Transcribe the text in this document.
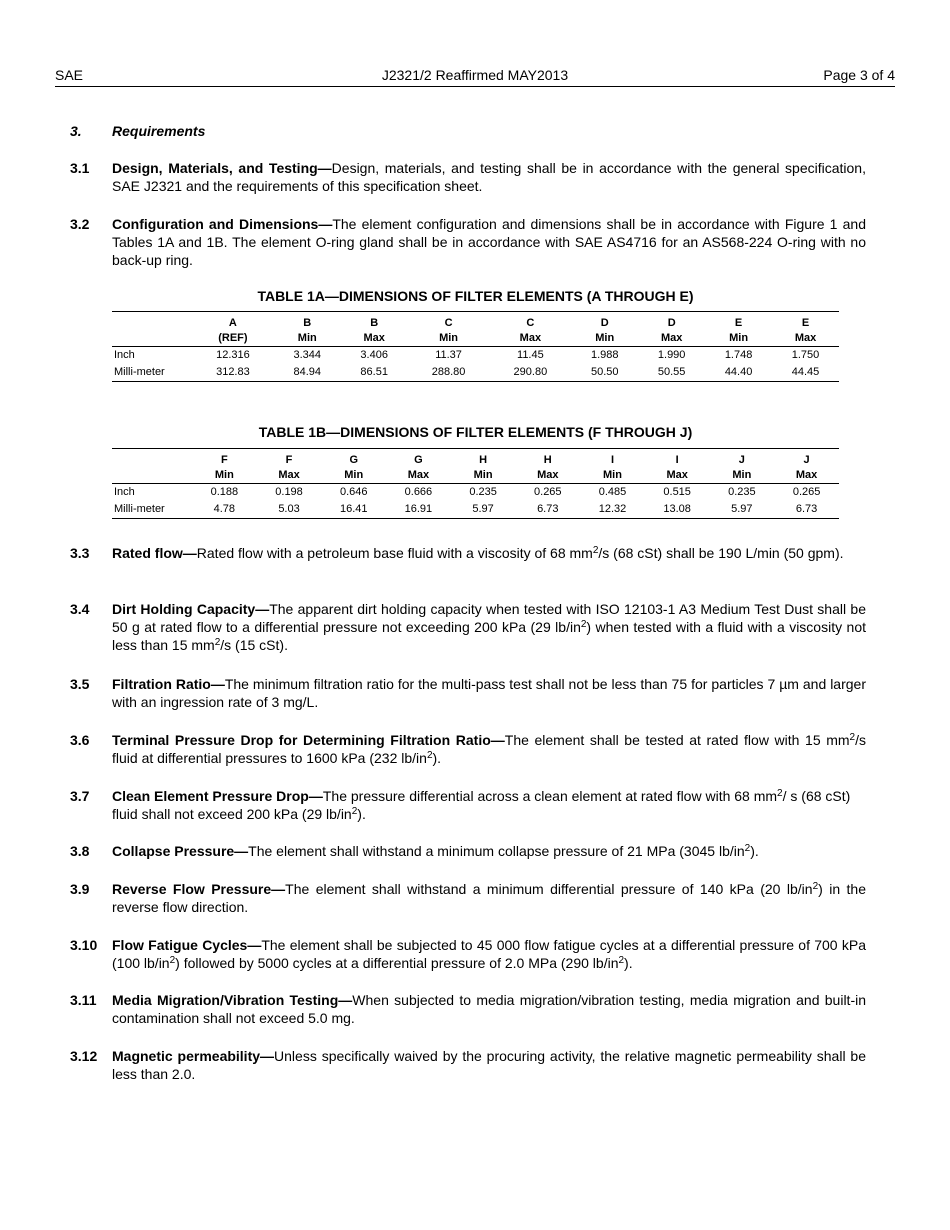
SAE	J2321/2 Reaffirmed MAY2013	Page 3 of 4
3. Requirements
3.1 Design, Materials, and Testing—Design, materials, and testing shall be in accordance with the general specification, SAE J2321 and the requirements of this specification sheet.
3.2 Configuration and Dimensions—The element configuration and dimensions shall be in accordance with Figure 1 and Tables 1A and 1B. The element O-ring gland shall be in accordance with SAE AS4716 for an AS568-224 O-ring with no back-up ring.
TABLE 1A—DIMENSIONS OF FILTER ELEMENTS (A THROUGH E)
	A	B	B	C	C	D	D	E	E
	(REF)	Min	Max	Min	Max	Min	Max	Min	Max
Inch	12.316	3.344	3.406	11.37	11.45	1.988	1.990	1.748	1.750
Milli-meter	312.83	84.94	86.51	288.80	290.80	50.50	50.55	44.40	44.45
TABLE 1B—DIMENSIONS OF FILTER ELEMENTS (F THROUGH J)
	F	F	G	G	H	H	I	I	J	J
	Min	Max	Min	Max	Min	Max	Min	Max	Min	Max
Inch	0.188	0.198	0.646	0.666	0.235	0.265	0.485	0.515	0.235	0.265
Milli-meter	4.78	5.03	16.41	16.91	5.97	6.73	12.32	13.08	5.97	6.73
3.3 Rated flow—Rated flow with a petroleum base fluid with a viscosity of 68 $mm^2/s$ (68 cSt) shall be 190 L/min (50 gpm).
3.4 Dirt Holding Capacity—The apparent dirt holding capacity when tested with ISO 12103-1 A3 Medium Test Dust shall be 50 g at rated flow to a differential pressure not exceeding 200 kPa (29 $lb/in^2$) when tested with a fluid with a viscosity not less than 15 $mm^2/s$ (15 cSt).
3.5 Filtration Ratio—The minimum filtration ratio for the multi-pass test shall not be less than 75 for particles 7 µm and larger with an ingression rate of 3 mg/L.
3.6 Terminal Pressure Drop for Determining Filtration Ratio—The element shall be tested at rated flow with 15 $mm^2/s$ fluid at differential pressures to 1600 kPa (232 $lb/in^2$).
3.7 Clean Element Pressure Drop—The pressure differential across a clean element at rated flow with 68 $mm^2/$ s (68 cSt) fluid shall not exceed 200 kPa (29 $lb/in^2$).
3.8 Collapse Pressure—The element shall withstand a minimum collapse pressure of 21 MPa (3045 $lb/in^2$).
3.9 Reverse Flow Pressure—The element shall withstand a minimum differential pressure of 140 kPa (20 $lb/in^2$) in the reverse flow direction.
3.10 Flow Fatigue Cycles—The element shall be subjected to 45 000 flow fatigue cycles at a differential pressure of 700 kPa (100 $lb/in^2$) followed by 5000 cycles at a differential pressure of 2.0 MPa (290 $lb/in^2$).
3.11 Media Migration/Vibration Testing—When subjected to media migration/vibration testing, media migration and built-in contamination shall not exceed 5.0 mg.
3.12 Magnetic permeability—Unless specifically waived by the procuring activity, the relative magnetic permeability shall be less than 2.0.
